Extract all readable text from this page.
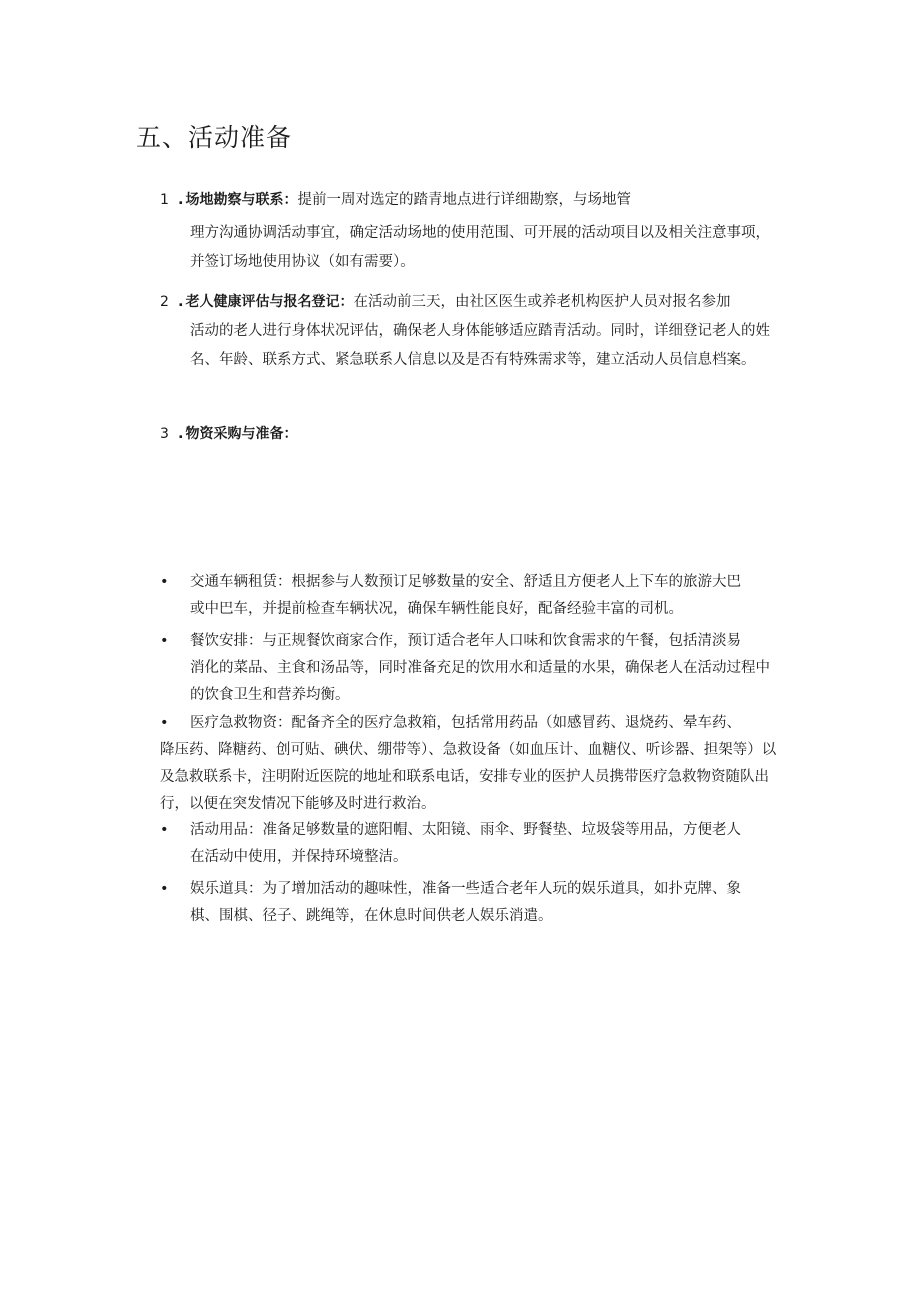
五、活动准备
1 . 场地勘察与联系：提前一周对选定的踏青地点进行详细勘察，与场地管
理方沟通协调活动事宜，确定活动场地的使用范围、可开展的活动项目以及相关注意事项，并签订场地使用协议（如有需要）。
2 . 老人健康评估与报名登记：在活动前三天，由社区医生或养老机构医护人员对报名参加
活动的老人进行身体状况评估，确保老人身体能够适应踏青活动。同时，详细登记老人的姓名、年龄、联系方式、紧急联系人信息以及是否有特殊需求等，建立活动人员信息档案。
3 . 物资采购与准备：
• 交通车辆租赁：根据参与人数预订足够数量的安全、舒适且方便老人上下车的旅游大巴
或中巴车，并提前检查车辆状况，确保车辆性能良好，配备经验丰富的司机。
• 餐饮安排：与正规餐饮商家合作，预订适合老年人口味和饮食需求的午餐，包括清淡易
消化的菜品、主食和汤品等，同时准备充足的饮用水和适量的水果，确保老人在活动过程中的饮食卫生和营养均衡。
• 医疗急救物资：配备齐全的医疗急救箱，包括常用药品（如感冒药、退烧药、晕车药、
降压药、降糖药、创可贴、碘伏、绷带等）、急救设备（如血压计、血糖仪、听诊器、担架等）以及急救联系卡，注明附近医院的地址和联系电话，安排专业的医护人员携带医疗急救物资随队出行，以便在突发情况下能够及时进行救治。
• 活动用品：准备足够数量的遮阳帽、太阳镜、雨伞、野餐垫、垃圾袋等用品，方便老人
在活动中使用，并保持环境整洁。
• 娱乐道具：为了增加活动的趣味性，准备一些适合老年人玩的娱乐道具，如扑克牌、象
棋、围棋、径子、跳绳等，在休息时间供老人娱乐消遣。
